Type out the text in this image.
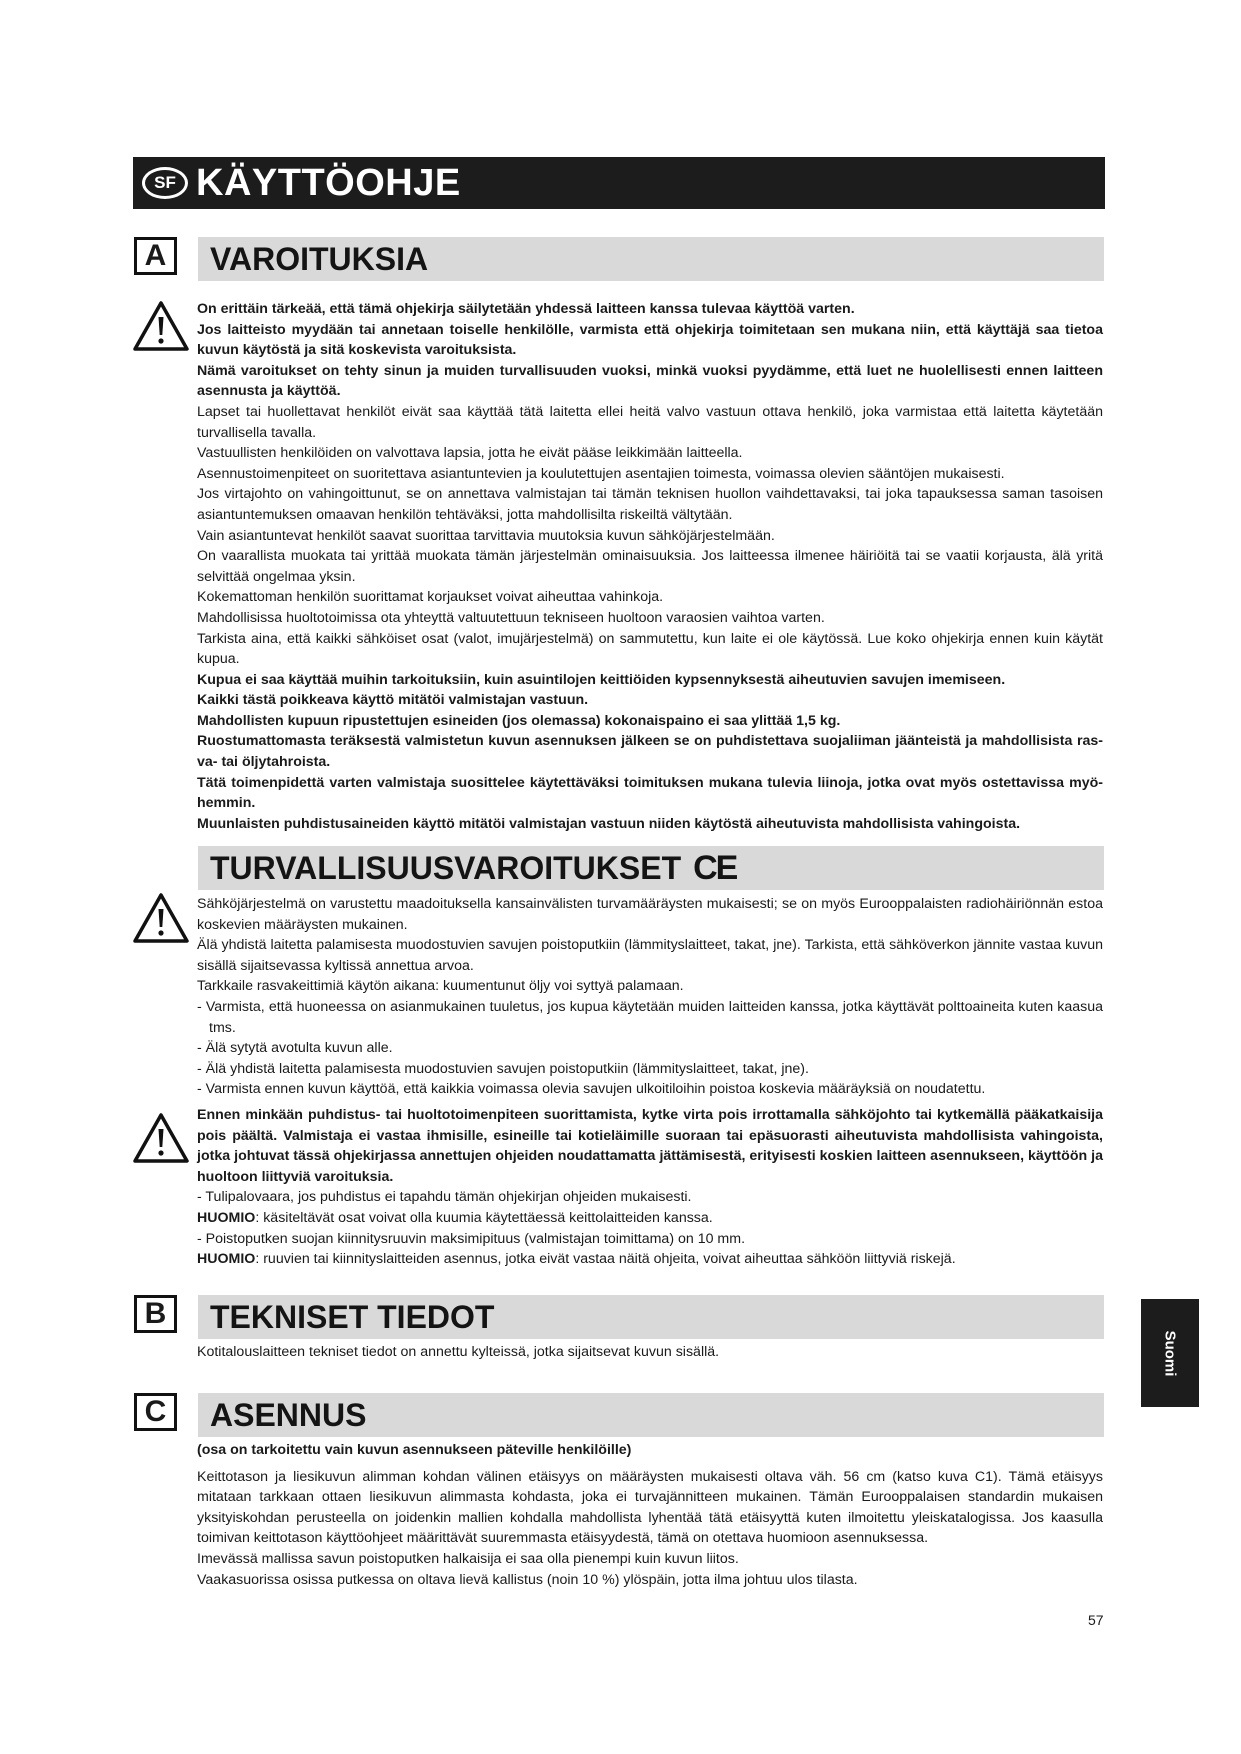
SF KÄYTTÖOHJE
A	VAROITUKSIA

On erittäin tärkeää, että tämä ohjekirja säilytetään yhdessä laitteen kanssa tulevaa käyttöä varten.

Jos laitteisto myydään tai annetaan toiselle henkilölle, varmista että ohjekirja toimitetaan sen mukana niin, että käyttäjä saa tietoa kuvun käytöstä ja sitä koskevista varoituksista.

Nämä varoitukset on tehty sinun ja muiden turvallisuuden vuoksi, minkä vuoksi pyydämme, että luet ne huolellisesti ennen laitteen asennusta ja käyttöä.

Lapset tai huollettavat henkilöt eivät saa käyttää tätä laitetta ellei heitä valvo vastuun ottava henkilö, joka varmistaa että laitetta käytetään turvallisella tavalla.

Vastuullisten henkilöiden on valvottava lapsia, jotta he eivät pääse leikkimään laitteella.

Asennustoimenpiteet on suoritettava asiantuntevien ja koulutettujen asentajien toimesta, voimassa olevien sääntöjen mukaisesti.

Jos virtajohto on vahingoittunut, se on annettava valmistajan tai tämän teknisen huollon vaihdettavaksi, tai joka tapauksessa saman tasoisen asiantuntemuksen omaavan henkilön tehtäväksi, jotta mahdollisilta riskeiltä vältytään.

Vain asiantuntevat henkilöt saavat suorittaa tarvittavia muutoksia kuvun sähköjärjestelmään.

On vaarallista muokata tai yrittää muokata tämän järjestelmän ominaisuuksia. Jos laitteessa ilmenee häiriöitä tai se vaatii korjausta, älä yritä selvittää ongelmaa yksin.

Kokemattoman henkilön suorittamat korjaukset voivat aiheuttaa vahinkoja.

Mahdollisissa huoltotoimissa ota yhteyttä valtuutettuun tekniseen huoltoon varaosien vaihtoa varten.

Tarkista aina, että kaikki sähköiset osat (valot, imujärjestelmä) on sammutettu, kun laite ei ole käytössä. Lue koko ohjekirja ennen kuin käytät kupua.

Kupua ei saa käyttää muihin tarkoituksiin, kuin asuintilojen keittiöiden kypsennyksestä aiheutuvien savujen imemiseen.

Kaikki tästä poikkeava käyttö mitätöi valmistajan vastuun.

Mahdollisten kupuun ripustettujen esineiden (jos olemassa) kokonaispaino ei saa ylittää 1,5 kg.

Ruostumattomasta teräksestä valmistetun kuvun asennuksen jälkeen se on puhdistettava suojaliiman jäänteistä ja mahdollisista ras- va- tai öljytahroista.

Tätä toimenpidettä varten valmistaja suosittelee käytettäväksi toimituksen mukana tulevia liinoja, jotka ovat myös ostettavissa myö- hemmin.

Muunlaisten puhdistusaineiden käyttö mitätöi valmistajan vastuun niiden käytöstä aiheutuvista mahdollisista vahingoista.

TURVALLISUUSVAROITUKSET CE

Sähköjärjestelmä on varustettu maadoituksella kansainvälisten turvamääräysten mukaisesti; se on myös Eurooppalaisten radiohäiriönnän estoa koskevien määräysten mukainen.

Älä yhdistä laitetta palamisesta muodostuvien savujen poistoputkiin (lämmityslaitteet, takat, jne). Tarkista, että sähköverkon jännite vastaa kuvun sisällä sijaitsevassa kyltissä annettua arvoa.

Tarkkaile rasvakeittimiä käytön aikana: kuumentunut öljy voi syttyä palamaan.

- Varmista, että huoneessa on asianmukainen tuuletus, jos kupua käytetään muiden laitteiden kanssa, jotka käyttävät polttoaineita kuten kaasua tms.

- Älä sytytä avotulta kuvun alle.

- Älä yhdistä laitetta palamisesta muodostuvien savujen poistoputkiin (lämmityslaitteet, takat, jne).

- Varmista ennen kuvun käyttöä, että kaikkia voimassa olevia savujen ulkoitiloihin poistoa koskevia määräyksiä on noudatettu.

Ennen minkään puhdistus- tai huoltotoimenpiteen suorittamista, kytke virta pois irrottamalla sähköjohto tai kytkemällä pääkatkaisija pois päältä. Valmistaja ei vastaa ihmisille, esineille tai kotieläimille suoraan tai epäsuorasti aiheutuvista mahdollisista vahingoista, jotka johtuvat tässä ohjekirjassa annettujen ohjeiden noudattamatta jättämisestä, erityisesti koskien laitteen asennukseen, käyttöön ja huoltoon liittyviä varoituksia.

- Tulipalovaara, jos puhdistus ei tapahdu tämän ohjekirjan ohjeiden mukaisesti.

HUOMIO: käsiteltävät osat voivat olla kuumia käytettäessä keittolaitteiden kanssa.

- Poistoputken suojan kiinnitysruuvin maksimipituus (valmistajan toimittama) on 10 mm.

HUOMIO: ruuvien tai kiinnityslaitteiden asennus, jotka eivät vastaa näitä ohjeita, voivat aiheuttaa sähköön liittyviä riskejä.

B	TEKNISET TIEDOT

Kotitalouslaitteen tekniset tiedot on annettu kylteissä, jotka sijaitsevat kuvun sisällä.

C	ASENNUS

(osa on tarkoitettu vain kuvun asennukseen päteville henkilöille)

Keittotason ja liesikuvun alimman kohdan välinen etäisyys on määräysten mukaisesti oltava väh. 56 cm (katso kuva C1). Tämä etäisyys mitataan tarkkaan ottaen liesikuvun alimmasta kohdasta, joka ei turvajännitteen mukainen. Tämän Eurooppalaisen standardin mukaisen yksityiskohdan perusteella on joidenkin mallien kohdalla mahdollista lyhentää tätä etäisyyttä kuten ilmoitettu yleiskatalogissa. Jos kaasulla toimivan keittotason käyttöohjeet määrittävät suuremmasta etäisyydestä, tämä on otettava huomioon asennuksessa.

Imevässä mallissa savun poistoputken halkaisija ei saa olla pienempi kuin kuvun liitos.

Vaakasuorissa osissa putkessa on oltava lievä kallistus (noin 10 %) ylöspäin, jotta ilma johtuu ulos tilasta.

Suomi
57
